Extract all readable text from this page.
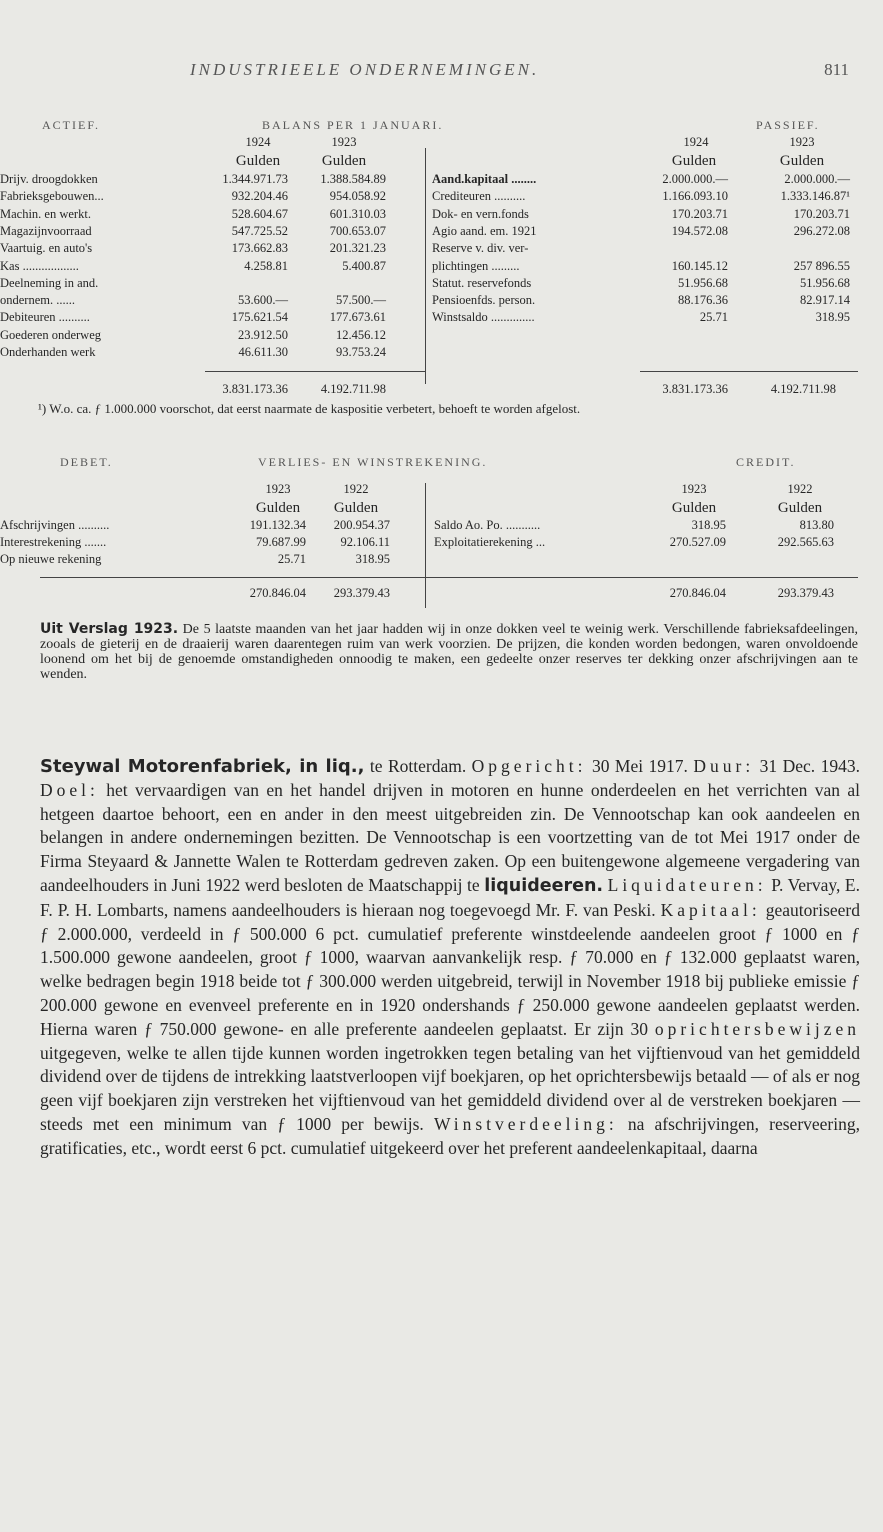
INDUSTRIEELE ONDERNEMINGEN.	811
ACTIEF.	BALANS PER 1 JANUARI.	PASSIEF.
1924	1923	1924	1923
Gulden	Gulden	Gulden	Gulden
Drijv. droogdokken	1.344.971.73	1.388.584.89
Fabrieksgebouwen...	932.204.46	954.058.92
Machin. en werkt.	528.604.67	601.310.03
Magazijnvoorraad	547.725.52	700.653.07
Vaartuig. en auto's	173.662.83	201.321.23
Kas ..................	4.258.81	5.400.87
Deelneming in and.
ondernem. ......	53.600.—	57.500.—
Debiteuren ..........	175.621.54	177.673.61
Goederen onderweg	23.912.50	12.456.12
Onderhanden werk	46.611.30	93.753.24
Aand.kapitaal ........	2.000.000.—	2.000.000.—
Crediteuren ..........	1.166.093.10	1.333.146.87¹
Dok- en vern.fonds	170.203.71	170.203.71
Agio aand. em. 1921	194.572.08	296.272.08
Reserve v. div. ver-
plichtingen .........	160.145.12	257 896.55
Statut. reservefonds	51.956.68	51.956.68
Pensioenfds. person.	88.176.36	82.917.14
Winstsaldo ..............	25.71	318.95
3.831.173.36	4.192.711.98	3.831.173.36	4.192.711.98
¹) W.o. ca. ƒ 1.000.000 voorschot, dat eerst naarmate de kaspositie verbetert, behoeft te worden afgelost.
DEBET.	VERLIES- EN WINSTREKENING.	CREDIT.
1923	1922	1923	1922
Gulden	Gulden	Gulden	Gulden
Afschrijvingen ..........	191.132.34	200.954.37
Interestrekening .......	79.687.99	92.106.11
Op nieuwe rekening	25.71	318.95
Saldo Ao. Po. ...........	318.95	813.80
Exploitatierekening ...	270.527.09	292.565.63
270.846.04	293.379.43	270.846.04	293.379.43
Uit Verslag 1923. De 5 laatste maanden van het jaar hadden wij in onze dokken veel te weinig werk. Verschillende fabrieksafdeelingen, zooals de gieterij en de draaierij waren daarentegen ruim van werk voorzien. De prijzen, die konden worden bedongen, waren onvoldoende loonend om het bij de genoemde omstandigheden onnoodig te maken, een gedeelte onzer reserves ter dekking onzer afschrijvingen aan te wenden.
Steywal Motorenfabriek, in liq., te Rotterdam. Opgericht: 30 Mei 1917. Duur: 31 Dec. 1943. Doel: het vervaardigen van en het handel drijven in motoren en hunne onderdeelen en het verrichten van al hetgeen daartoe behoort, een en ander in den meest uitgebreiden zin. De Vennootschap kan ook aandeelen en belangen in andere ondernemingen bezitten. De Vennootschap is een voortzetting van de tot Mei 1917 onder de Firma Steyaard & Jannette Walen te Rotterdam gedreven zaken. Op een buitengewone algemeene vergadering van aandeelhouders in Juni 1922 werd besloten de Maatschappij te liquideeren. Liquidateuren: P. Vervay, E. F. P. H. Lombarts, namens aandeelhouders is hieraan nog toegevoegd Mr. F. van Peski. Kapitaal: geautoriseerd ƒ 2.000.000, verdeeld in ƒ 500.000 6 pct. cumulatief preferente winstdeelende aandeelen groot ƒ 1000 en ƒ 1.500.000 gewone aandeelen, groot ƒ 1000, waarvan aanvankelijk resp. ƒ 70.000 en ƒ 132.000 geplaatst waren, welke bedragen begin 1918 beide tot ƒ 300.000 werden uitgebreid, terwijl in November 1918 bij publieke emissie ƒ 200.000 gewone en evenveel preferente en in 1920 ondershands ƒ 250.000 gewone aandeelen geplaatst werden. Hierna waren ƒ 750.000 gewone- en alle preferente aandeelen geplaatst. Er zijn 30 oprichtersbewijzen uitgegeven, welke te allen tijde kunnen worden ingetrokken tegen betaling van het vijftienvoud van het gemiddeld dividend over de tijdens de intrekking laatstverloopen vijf boekjaren, op het oprichtersbewijs betaald — of als er nog geen vijf boekjaren zijn verstreken het vijftienvoud van het gemiddeld dividend over al de verstreken boekjaren — steeds met een minimum van ƒ 1000 per bewijs. Winstverdeeling: na afschrijvingen, reserveering, gratificaties, etc., wordt eerst 6 pct. cumulatief uitgekeerd over het preferent aandeelenkapitaal, daarna
